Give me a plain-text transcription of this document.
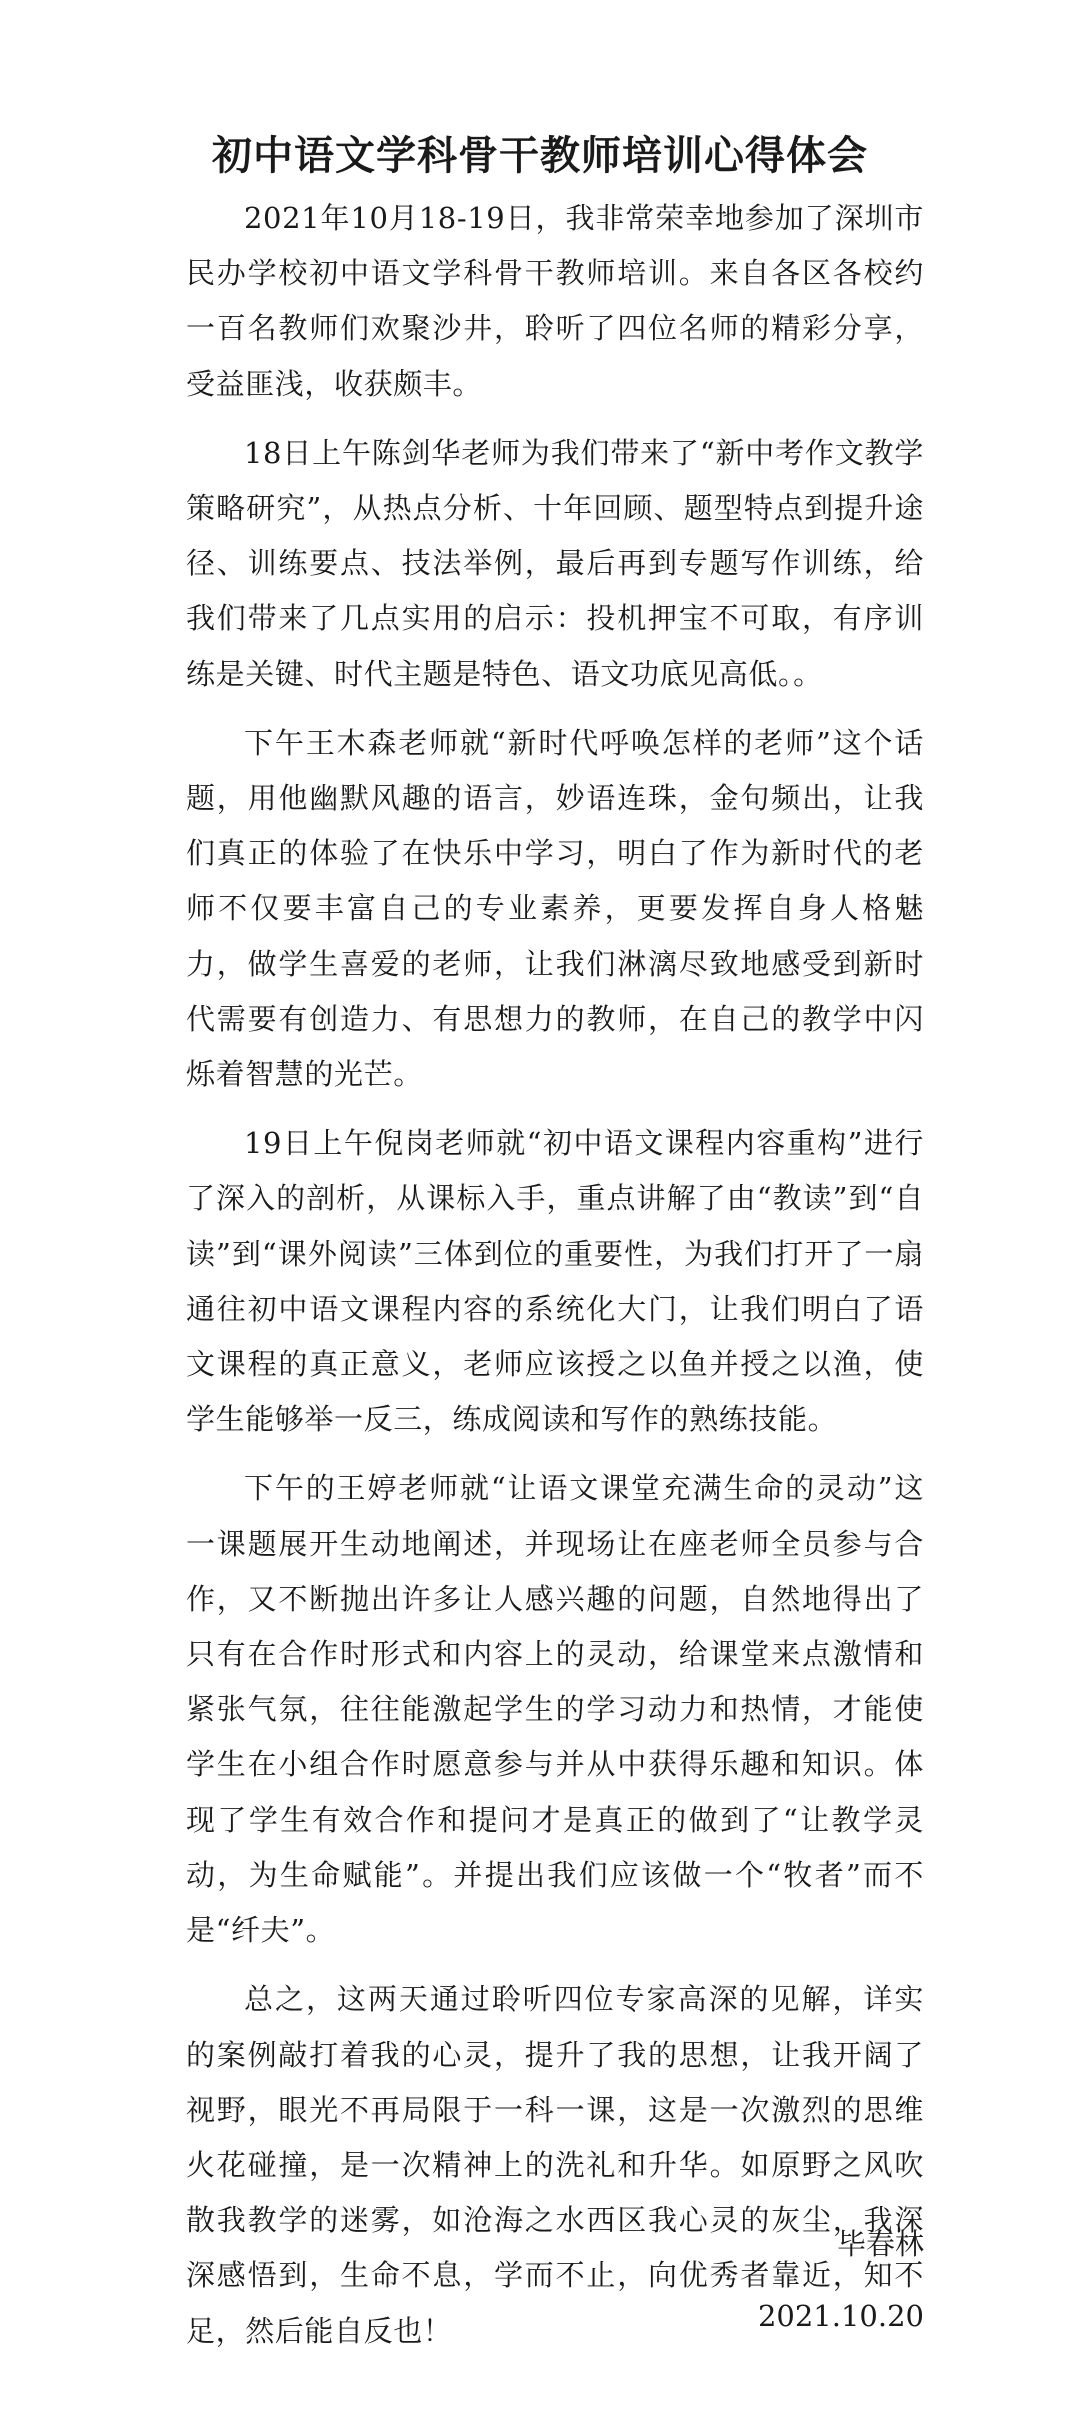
初中语文学科骨干教师培训心得体会

2021年10月18-19日，我非常荣幸地参加了深圳市民办学校初中语文学科骨干教师培训。来自各区各校约一百名教师们欢聚沙井，聆听了四位名师的精彩分享，受益匪浅，收获颇丰。

18日上午陈剑华老师为我们带来了“新中考作文教学策略研究”，从热点分析、十年回顾、题型特点到提升途径、训练要点、技法举例，最后再到专题写作训练，给我们带来了几点实用的启示：投机押宝不可取，有序训练是关键、时代主题是特色、语文功底见高低。。

下午王木森老师就“新时代呼唤怎样的老师”这个话题，用他幽默风趣的语言，妙语连珠，金句频出，让我们真正的体验了在快乐中学习，明白了作为新时代的老师不仅要丰富自己的专业素养，更要发挥自身人格魅力，做学生喜爱的老师，让我们淋漓尽致地感受到新时代需要有创造力、有思想力的教师，在自己的教学中闪烁着智慧的光芒。

19日上午倪岗老师就“初中语文课程内容重构”进行了深入的剖析，从课标入手，重点讲解了由“教读”到“自读”到“课外阅读”三体到位的重要性，为我们打开了一扇通往初中语文课程内容的系统化大门，让我们明白了语文课程的真正意义，老师应该授之以鱼并授之以渔，使学生能够举一反三，练成阅读和写作的熟练技能。

下午的王婷老师就“让语文课堂充满生命的灵动”这一课题展开生动地阐述，并现场让在座老师全员参与合作，又不断抛出许多让人感兴趣的问题，自然地得出了只有在合作时形式和内容上的灵动，给课堂来点激情和紧张气氛，往往能激起学生的学习动力和热情，才能使学生在小组合作时愿意参与并从中获得乐趣和知识。体现了学生有效合作和提问才是真正的做到了“让教学灵动，为生命赋能”。并提出我们应该做一个“牧者”而不是“纤夫”。

总之，这两天通过聆听四位专家高深的见解，详实的案例敲打着我的心灵，提升了我的思想，让我开阔了视野，眼光不再局限于一科一课，这是一次激烈的思维火花碰撞，是一次精神上的洗礼和升华。如原野之风吹散我教学的迷雾，如沧海之水西区我心灵的灰尘，我深深感悟到，生命不息，学而不止，向优秀者靠近，知不足，然后能自反也！

毕春林

2021.10.20
